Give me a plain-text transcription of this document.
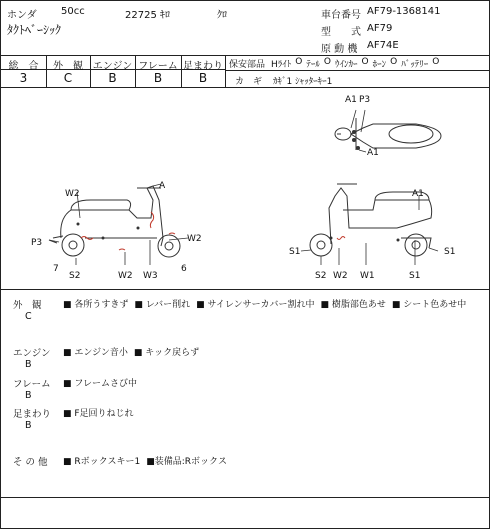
ホンダ 50cc	22725 ｷﾛ	ｸﾛ
ﾀｸﾄﾍﾞｰｼｯｸ
車台番号 AF79-1368141
型　　式 AF79
原 動 機 AF74E
総　合	外　観 エンジン フレーム 足まわり
3	C	B	B	B
保安部品 Hﾗｲﾄ O ﾃｰﾙ O ｳｲﾝｶｰ O ﾎｰﾝ O ﾊﾞｯﾃﾘｰ O
カ　ギ ｶｷﾞ1 ｼｬｯﾀｰｷｰ1
A1 P3
A1
A
W2
W2
P3
7
S2	W2 W3
6
A1
S1	S1
S2 W2 W1	S1
外　観
C
■ 各所うすきず ■ レバー削れ ■ サイレンサーカバー割れ中 ■ 樹脂部色あせ ■ シート色あせ中
エンジン
B
■ エンジン音小 ■ キック戻らず
フレーム
B
■ フレームさび中
足まわり
B
■ F足回りねじれ
そ の 他 ■ Rボックスキー1 ■装備品:Rボックス
